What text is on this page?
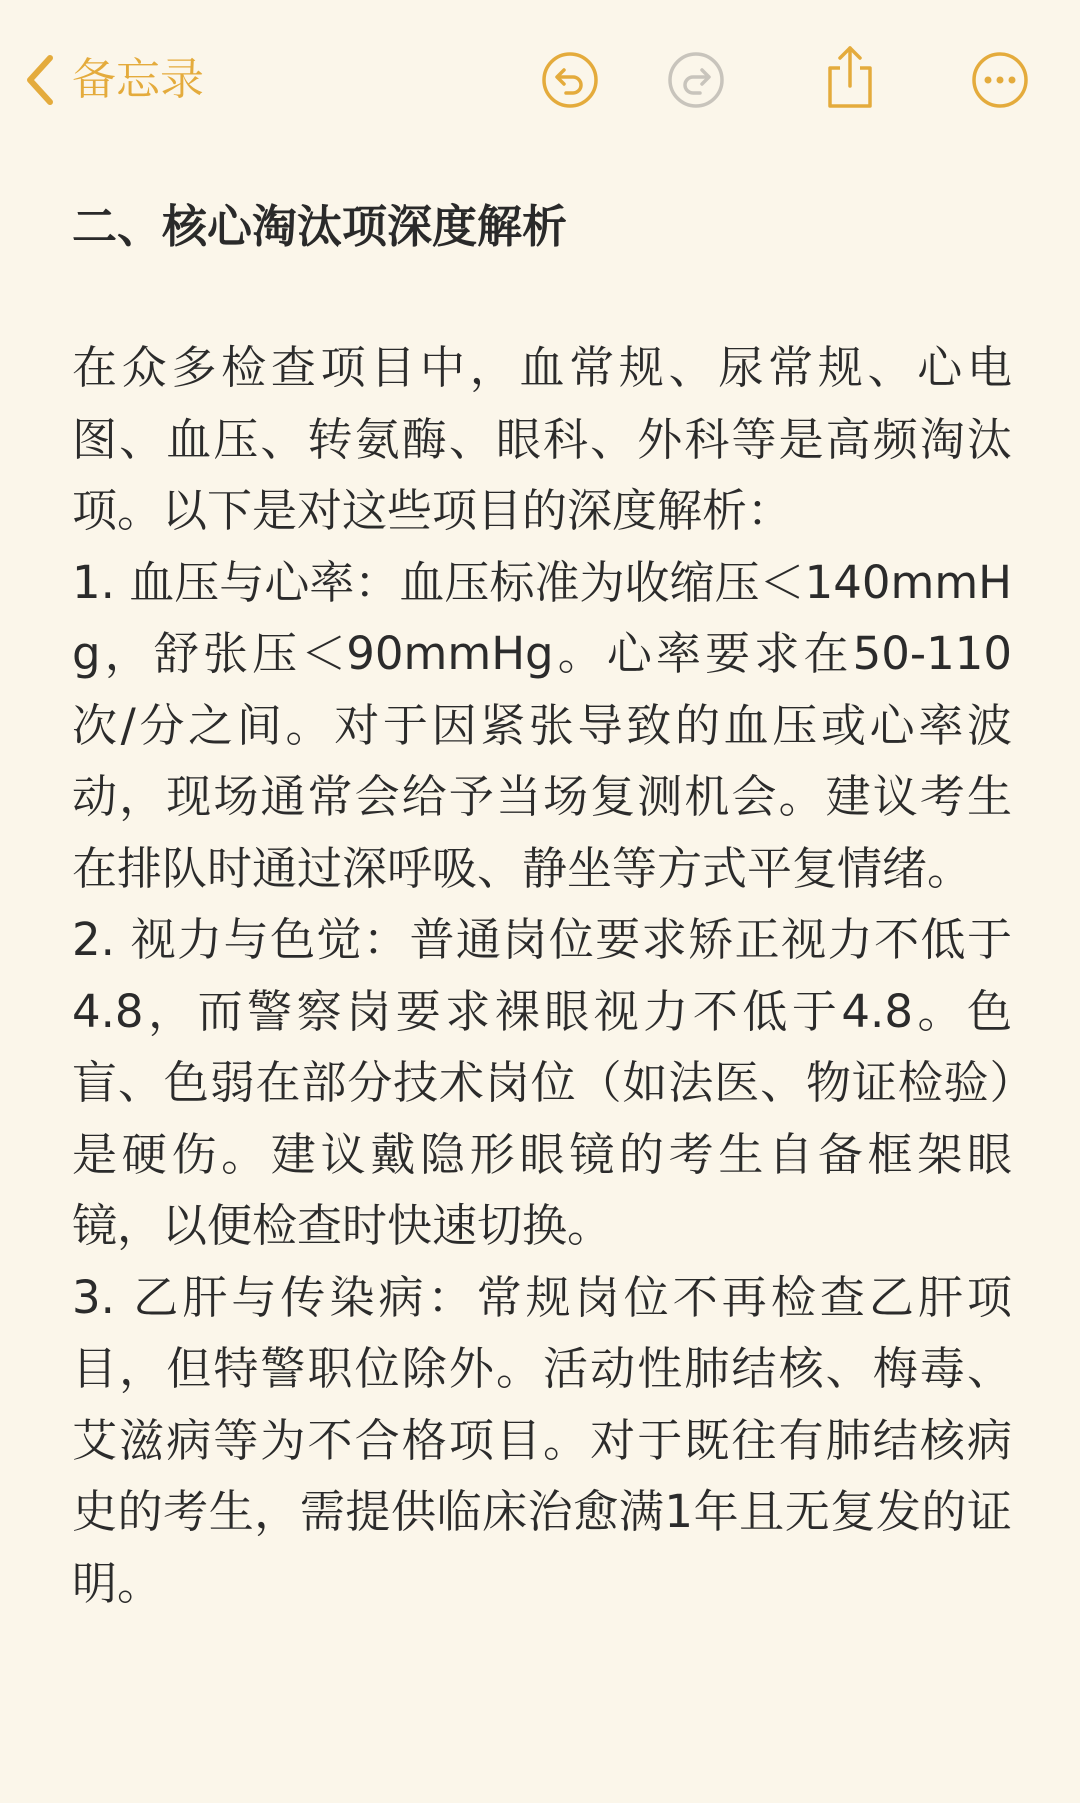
备忘录
二、核心淘汰项深度解析

在众多检查项目中，血常规、尿常规、心电图、血压、转氨酶、眼科、外科等是高频淘汰项。以下是对这些项目的深度解析：

1. 血压与心率：血压标准为收缩压＜140mmHg，舒张压＜90mmHg。心率要求在50-110次/分之间。对于因紧张导致的血压或心率波动，现场通常会给予当场复测机会。建议考生在排队时通过深呼吸、静坐等方式平复情绪。

2. 视力与色觉：普通岗位要求矫正视力不低于4.8，而警察岗要求裸眼视力不低于4.8。色盲、色弱在部分技术岗位（如法医、物证检验）是硬伤。建议戴隐形眼镜的考生自备框架眼镜，以便检查时快速切换。

3. 乙肝与传染病：常规岗位不再检查乙肝项目，但特警职位除外。活动性肺结核、梅毒、艾滋病等为不合格项目。对于既往有肺结核病史的考生，需提供临床治愈满1年且无复发的证明。
